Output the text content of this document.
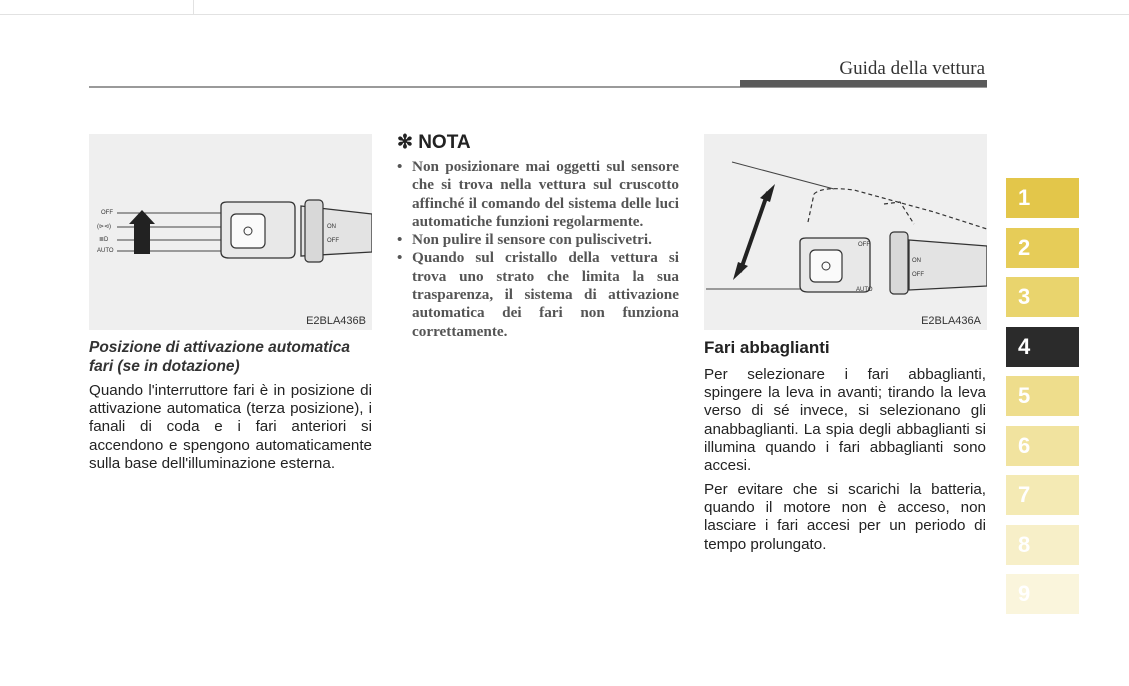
Guida della vettura
OFF
(⊳⊲)
≣D
AUTO
ON
OFF
E2BLA436B
Posizione di attivazione automatica fari (se in dotazione)
Quando l'interruttore fari è in posizione di attivazione automatica (terza posizione), i fanali di coda e i fari anteriori si accendono e spengono automaticamente sulla base dell'illuminazione esterna.
✻ NOTA
• Non posizionare mai oggetti sul sensore che si trova nella vettura sul cruscotto affinché il comando del sistema delle luci automatiche funzioni regolarmente.
• Non pulire il sensore con puliscivetri.
• Quando sul cristallo della vettura si trova uno strato che limita la sua trasparenza, il sistema di attivazione automatica dei fari non funziona correttamente.
OFF
AUTO
ON
OFF
E2BLA436A
Fari abbaglianti
Per selezionare i fari abbaglianti, spingere la leva in avanti; tirando la leva verso di sé invece, si selezionano gli anabbaglianti. La spia degli abbaglianti si illumina quando i fari abbaglianti sono accesi.
Per evitare che si scarichi la batteria, quando il motore non è acceso, non lasciare i fari accesi per un periodo di tempo prolungato.
1
2
3
4
5
6
7
8
9
